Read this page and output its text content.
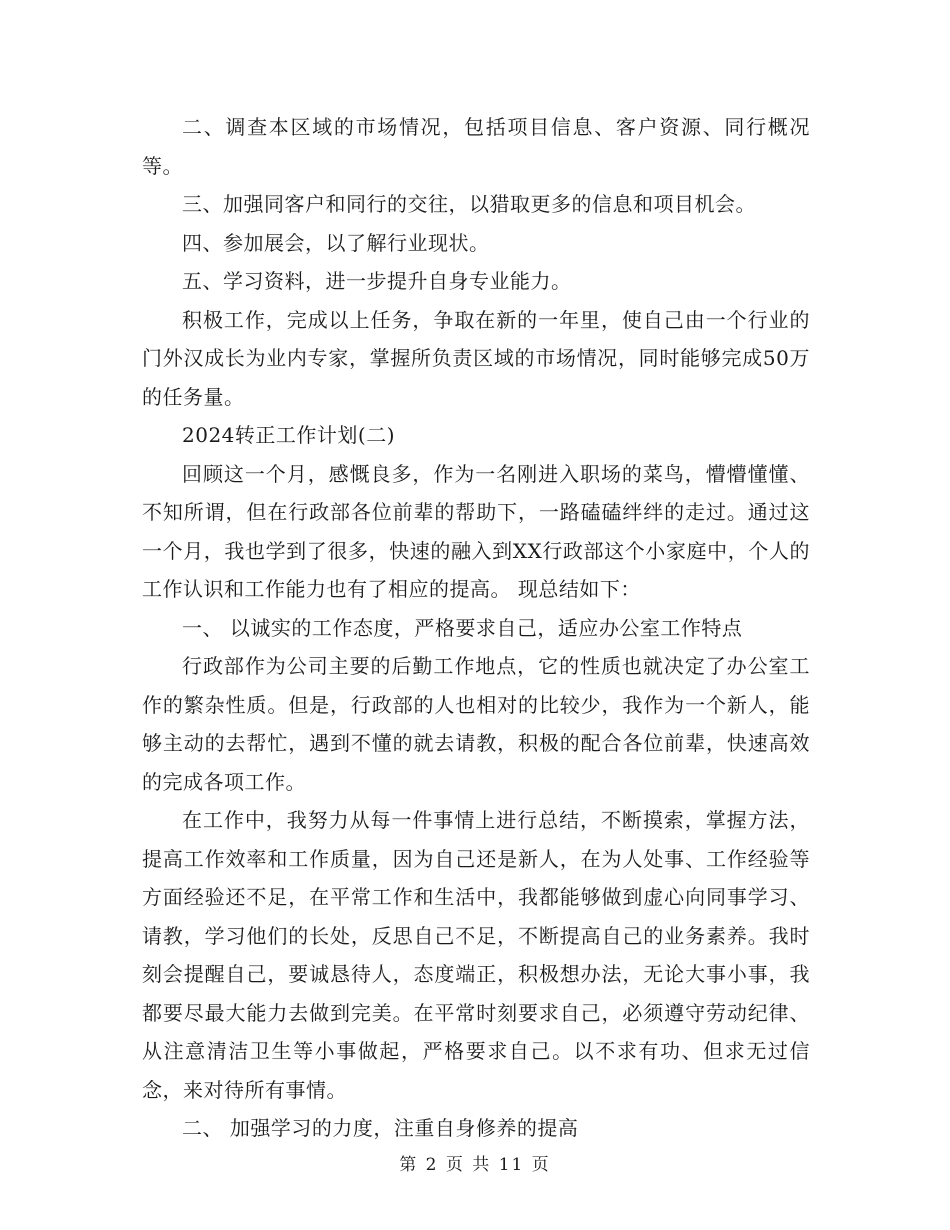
二、调查本区域的市场情况，包括项目信息、客户资源、同行概况等。

三、加强同客户和同行的交往，以猎取更多的信息和项目机会。

四、参加展会，以了解行业现状。

五、学习资料，进一步提升自身专业能力。

积极工作，完成以上任务，争取在新的一年里，使自己由一个行业的门外汉成长为业内专家，掌握所负责区域的市场情况，同时能够完成50万的任务量。

2024转正工作计划(二)

回顾这一个月，感慨良多，作为一名刚进入职场的菜鸟，懵懵懂懂、不知所谓，但在行政部各位前辈的帮助下，一路磕磕绊绊的走过。通过这一个月，我也学到了很多，快速的融入到XX行政部这个小家庭中，个人的工作认识和工作能力也有了相应的提高。 现总结如下：

一、 以诚实的工作态度，严格要求自己，适应办公室工作特点

行政部作为公司主要的后勤工作地点，它的性质也就决定了办公室工作的繁杂性质。但是，行政部的人也相对的比较少，我作为一个新人，能够主动的去帮忙，遇到不懂的就去请教，积极的配合各位前辈，快速高效的完成各项工作。

在工作中，我努力从每一件事情上进行总结，不断摸索，掌握方法，提高工作效率和工作质量，因为自己还是新人，在为人处事、工作经验等方面经验还不足，在平常工作和生活中，我都能够做到虚心向同事学习、请教，学习他们的长处，反思自己不足，不断提高自己的业务素养。我时刻会提醒自己，要诚恳待人，态度端正，积极想办法，无论大事小事，我都要尽最大能力去做到完美。在平常时刻要求自己，必须遵守劳动纪律、从注意清洁卫生等小事做起，严格要求自己。以不求有功、但求无过信念，来对待所有事情。

二、 加强学习的力度，注重自身修养的提高

第 2 页 共 11 页
